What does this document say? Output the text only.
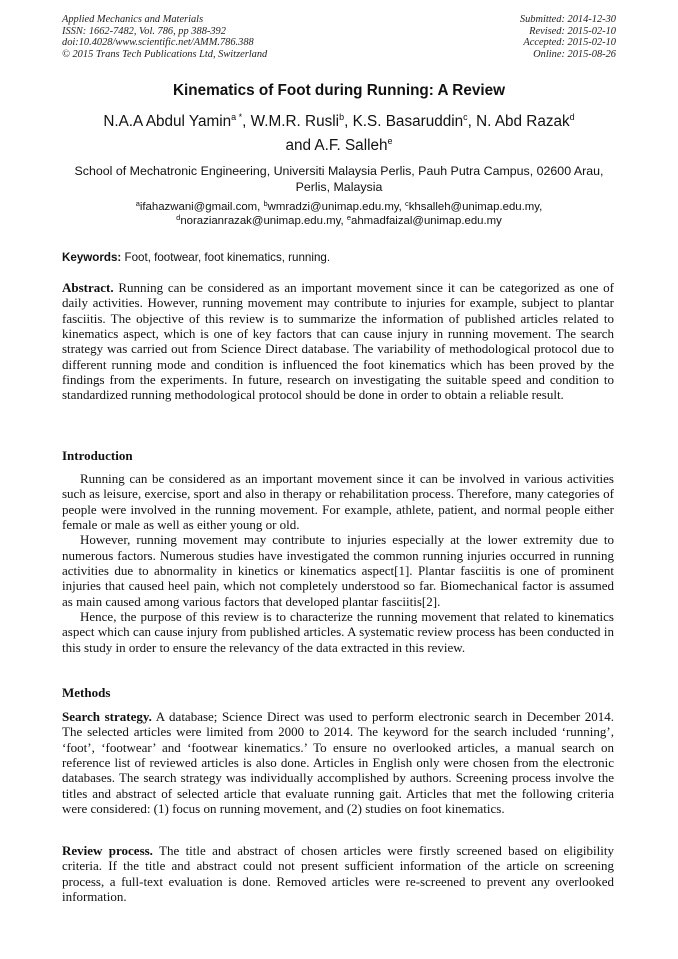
Applied Mechanics and Materials
ISSN: 1662-7482, Vol. 786, pp 388-392
doi:10.4028/www.scientific.net/AMM.786.388
© 2015 Trans Tech Publications Ltd, Switzerland
Submitted: 2014-12-30
Revised: 2015-02-10
Accepted: 2015-02-10
Online: 2015-08-26
Kinematics of Foot during Running: A Review
N.A.A Abdul Yamin$^{a *}$, W.M.R. Rusli$^b$, K.S. Basaruddin$^c$, N. Abd Razak$^d$
and A.F. Salleh$^e$
School of Mechatronic Engineering, Universiti Malaysia Perlis, Pauh Putra Campus, 02600 Arau, Perlis, Malaysia
$^a$ifahazwani@gmail.com, $^b$wmradzi@unimap.edu.my, $^c$khsalleh@unimap.edu.my,
$^d$norazianrazak@unimap.edu.my, $^e$ahmadfaizal@unimap.edu.my
Keywords: Foot, footwear, foot kinematics, running.

Abstract. Running can be considered as an important movement since it can be categorized as one of daily activities. However, running movement may contribute to injuries for example, subject to plantar fasciitis. The objective of this review is to summarize the information of published articles related to kinematics aspect, which is one of key factors that can cause injury in running movement. The search strategy was carried out from Science Direct database. The variability of methodological protocol due to different running mode and condition is influenced the foot kinematics which has been proved by the findings from the experiments. In future, research on investigating the suitable speed and condition to standardized running methodological protocol should be done in order to obtain a reliable result.

Introduction

Running can be considered as an important movement since it can be involved in various activities such as leisure, exercise, sport and also in therapy or rehabilitation process. Therefore, many categories of people were involved in the running movement. For example, athlete, patient, and normal people either female or male as well as either young or old.

However, running movement may contribute to injuries especially at the lower extremity due to numerous factors. Numerous studies have investigated the common running injuries occurred in running activities due to abnormality in kinetics or kinematics aspect[1]. Plantar fasciitis is one of prominent injuries that caused heel pain, which not completely understood so far. Biomechanical factor is assumed as main caused among various factors that developed plantar fasciitis[2].

Hence, the purpose of this review is to characterize the running movement that related to kinematics aspect which can cause injury from published articles. A systematic review process has been conducted in this study in order to ensure the relevancy of the data extracted in this review.

Methods

Search strategy. A database; Science Direct was used to perform electronic search in December 2014. The selected articles were limited from 2000 to 2014. The keyword for the search included ‘running’, ‘foot’, ‘footwear’ and ‘footwear kinematics.’ To ensure no overlooked articles, a manual search on reference list of reviewed articles is also done. Articles in English only were chosen from the electronic databases. The search strategy was individually accomplished by authors. Screening process involve the titles and abstract of selected article that evaluate running gait. Articles that met the following criteria were considered: (1) focus on running movement, and (2) studies on foot kinematics.

Review process. The title and abstract of chosen articles were firstly screened based on eligibility criteria. If the title and abstract could not present sufficient information of the article on screening process, a full-text evaluation is done. Removed articles were re-screened to prevent any overlooked information.
